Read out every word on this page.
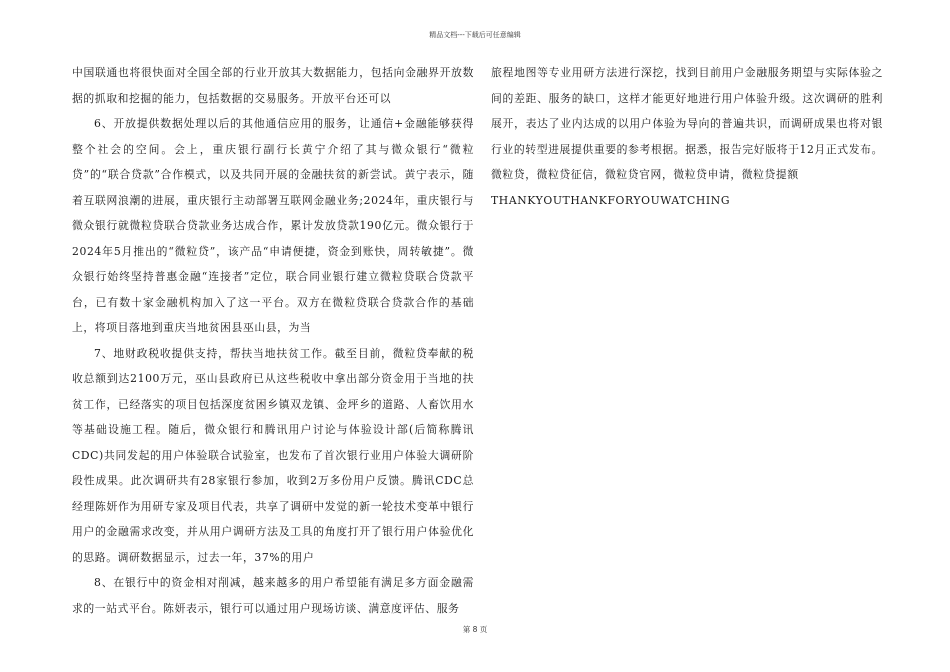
精品文档---下载后可任意编辑

中国联通也将很快面对全国全部的行业开放其大数据能力，包括向金融界开放数据的抓取和挖掘的能力，包括数据的交易服务。开放平台还可以

6、开放提供数据处理以后的其他通信应用的服务，让通信+金融能够获得整个社会的空间。会上，重庆银行副行长黄宁介绍了其与微众银行“微粒贷”的“联合贷款”合作模式，以及共同开展的金融扶贫的新尝试。黄宁表示，随着互联网浪潮的进展，重庆银行主动部署互联网金融业务;2024年，重庆银行与微众银行就微粒贷联合贷款业务达成合作，累计发放贷款190亿元。微众银行于2024年5月推出的“微粒贷”，该产品“申请便捷，资金到账快，周转敏捷”。微众银行始终坚持普惠金融“连接者”定位，联合同业银行建立微粒贷联合贷款平台，已有数十家金融机构加入了这一平台。双方在微粒贷联合贷款合作的基础上，将项目落地到重庆当地贫困县巫山县，为当

7、地财政税收提供支持，帮扶当地扶贫工作。截至目前，微粒贷奉献的税收总额到达2100万元，巫山县政府已从这些税收中拿出部分资金用于当地的扶贫工作，已经落实的项目包括深度贫困乡镇双龙镇、金坪乡的道路、人畜饮用水等基础设施工程。随后，微众银行和腾讯用户讨论与体验设计部(后简称腾讯CDC)共同发起的用户体验联合试验室，也发布了首次银行业用户体验大调研阶段性成果。此次调研共有28家银行参加，收到2万多份用户反馈。腾讯CDC总经理陈妍作为用研专家及项目代表，共享了调研中发觉的新一轮技术变革中银行用户的金融需求改变，并从用户调研方法及工具的角度打开了银行用户体验优化的思路。调研数据显示，过去一年，37%的用户

8、在银行中的资金相对削减，越来越多的用户希望能有满足多方面金融需求的一站式平台。陈妍表示，银行可以通过用户现场访谈、满意度评估、服务

旅程地图等专业用研方法进行深挖，找到目前用户金融服务期望与实际体验之间的差距、服务的缺口，这样才能更好地进行用户体验升级。这次调研的胜利展开，表达了业内达成的以用户体验为导向的普遍共识，而调研成果也将对银行业的转型进展提供重要的参考根据。据悉，报告完好版将于12月正式发布。微粒贷，微粒贷征信，微粒贷官网，微粒贷申请，微粒贷提额

THANKYOUTHANKFORYOUWATCHING

第 8 页
